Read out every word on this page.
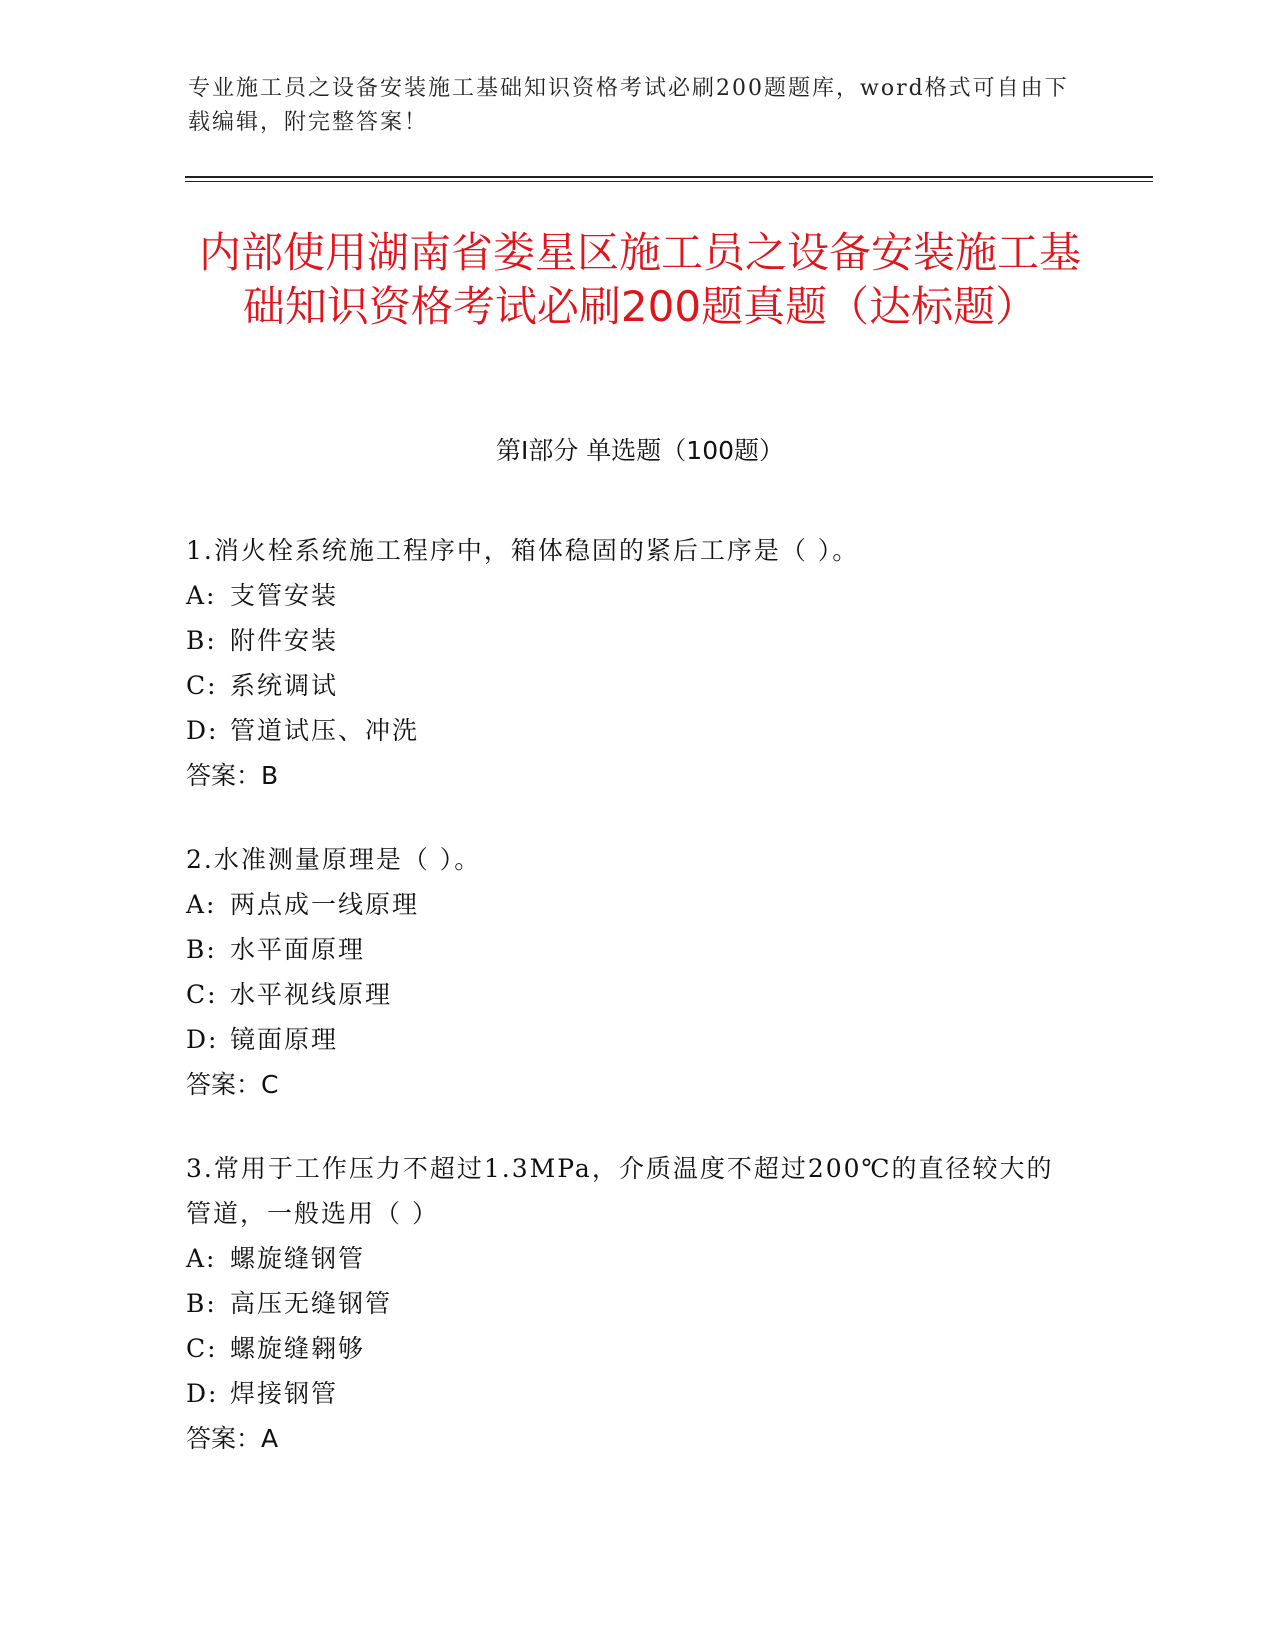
专业施工员之设备安装施工基础知识资格考试必刷200题题库，word格式可自由下载编辑，附完整答案！
内部使用湖南省娄星区施工员之设备安装施工基础知识资格考试必刷200题真题（达标题）
第Ⅰ部分 单选题（100题）
1.消火栓系统施工程序中，箱体稳固的紧后工序是（ ）。
A: 支管安装
B: 附件安装
C: 系统调试
D: 管道试压、冲洗
答案：B
2.水准测量原理是（ ）。
A: 两点成一线原理
B: 水平面原理
C: 水平视线原理
D: 镜面原理
答案：C
3.常用于工作压力不超过1.3MPa，介质温度不超过200℃的直径较大的管道，一般选用（ ）
A: 螺旋缝钢管
B: 高压无缝钢管
C: 螺旋缝翱够
D: 焊接钢管
答案：A
